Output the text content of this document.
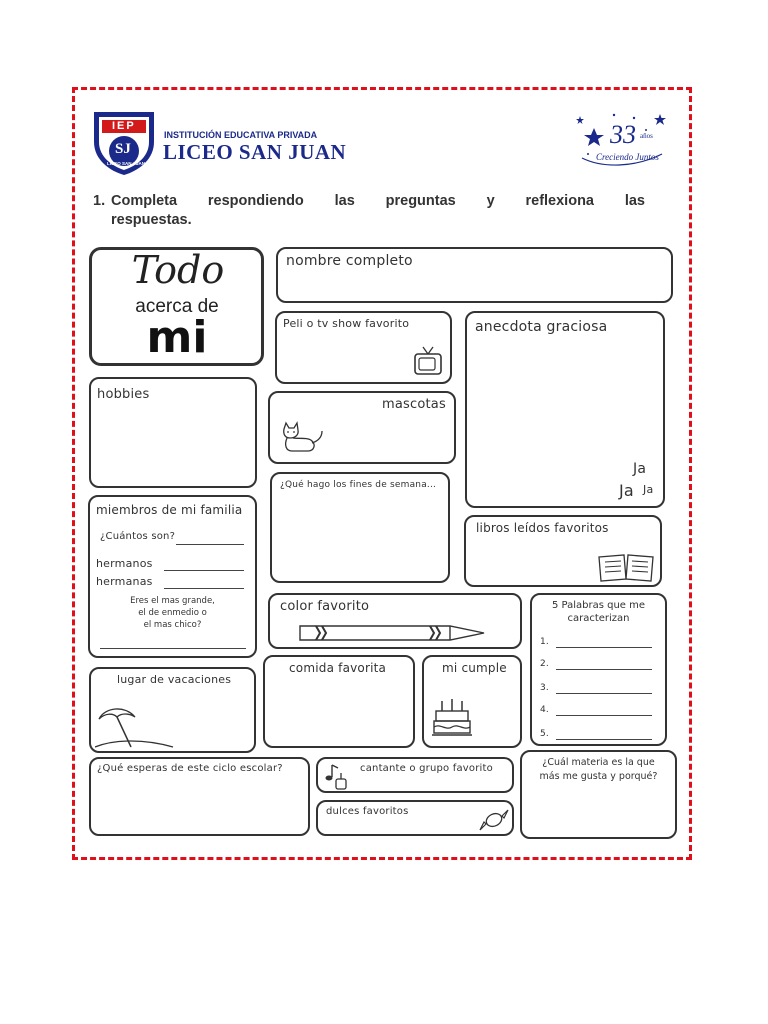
IEP
SJ
LICEO SAN JUAN
INSTITUCIÓN EDUCATIVA PRIVADA
LICEO SAN JUAN
33 años
Creciendo Juntos
1. Completa respondiendo las preguntas y reflexiona las
respuestas.
Todo
acerca de
mi
nombre completo
Peli o tv show favorito	anecdota graciosa
Ja
Ja Ja
hobbies
mascotas
¿Qué hago los fines de semana...
libros leídos favoritos
miembros de mi familia
¿Cuántos son?
hermanos
hermanas
Eres el mas grande,
el de enmedio o
el mas chico?
color favorito	5 Palabras que me
caracterizan
1.
2.
3.
4.
5.
lugar de vacaciones
comida favorita	mi cumple
¿Qué esperas de este ciclo escolar?	cantante o grupo favorito
dulces favoritos
¿Cuál materia es la que
más me gusta y porqué?
